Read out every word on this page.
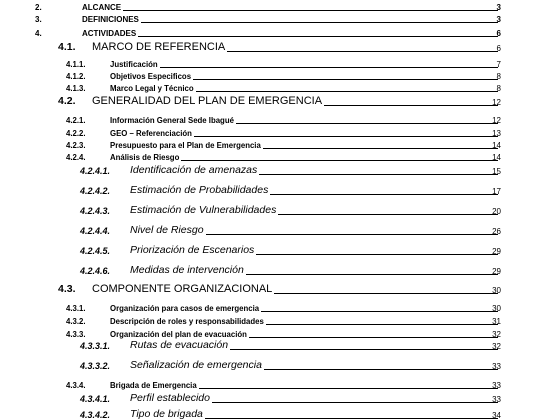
2.	ALCANCE	3
3.	DEFINICIONES	3
4.	ACTIVIDADES	6
4.1. MARCO DE REFERENCIA	6
4.1.1.	Justificación	7
4.1.2.	Objetivos Especificos	8
4.1.3.	Marco Legal y Técnico	8
4.2. GENERALIDAD DEL PLAN DE EMERGENCIA	12
4.2.1.	Información General Sede Ibagué	12
4.2.2.	GEO – Referenciación	13
4.2.3.	Presupuesto para el Plan de Emergencia	14
4.2.4.	Análisis de Riesgo	14
4.2.4.1. Identificación de amenazas	15
4.2.4.2. Estimación de Probabilidades	17
4.2.4.3. Estimación de Vulnerabilidades	20
4.2.4.4. Nivel de Riesgo	26
4.2.4.5. Priorización de Escenarios	29
4.2.4.6. Medidas de intervención	29
4.3. COMPONENTE ORGANIZACIONAL	30
4.3.1.	Organización para casos de emergencia	30
4.3.2.	Descripción de roles y responsabilidades	31
4.3.3.	Organización del plan de evacuación	32
4.3.3.1. Rutas de evacuación	32
4.3.3.2. Señalización de emergencia	33
4.3.4.	Brigada de Emergencia	33
4.3.4.1. Perfil establecido	33
4.3.4.2. Tipo de brigada	34
